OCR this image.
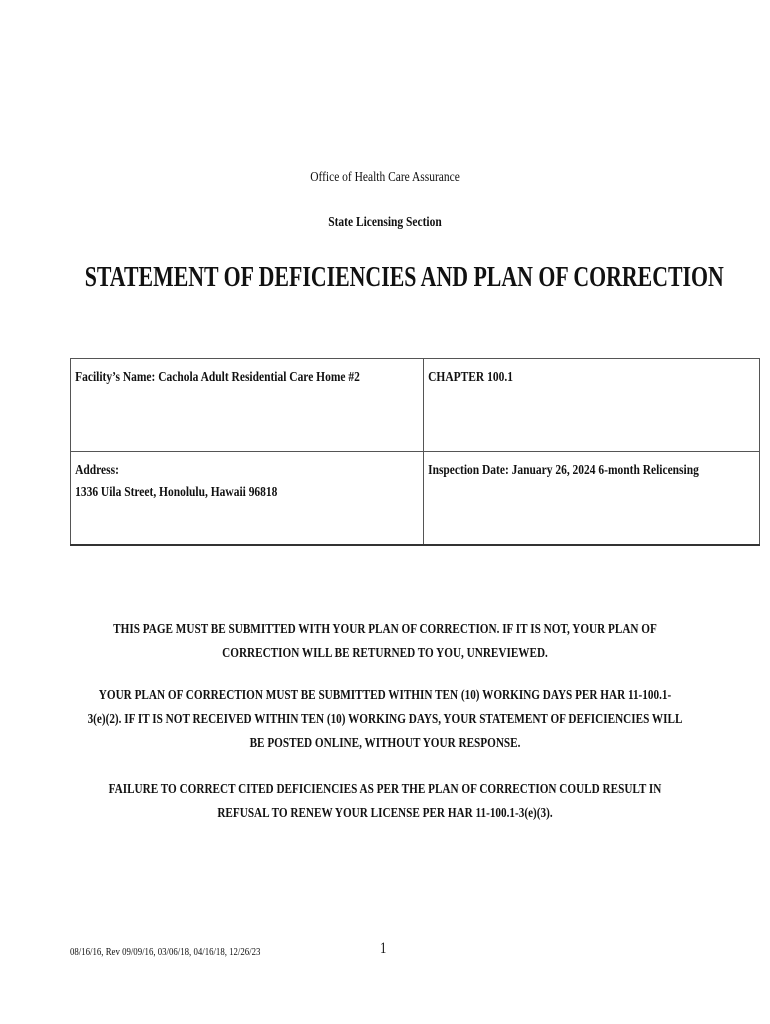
Office of Health Care Assurance
State Licensing Section
STATEMENT OF DEFICIENCIES AND PLAN OF CORRECTION
Facility’s Name: Cachola Adult Residential Care Home #2	CHAPTER 100.1

Address:
1336 Uila Street, Honolulu, Hawaii 96818	Inspection Date: January 26, 2024 6-month Relicensing
THIS PAGE MUST BE SUBMITTED WITH YOUR PLAN OF CORRECTION. IF IT IS NOT, YOUR PLAN OF
CORRECTION WILL BE RETURNED TO YOU, UNREVIEWED.
YOUR PLAN OF CORRECTION MUST BE SUBMITTED WITHIN TEN (10) WORKING DAYS PER HAR 11-100.1-
3(e)(2). IF IT IS NOT RECEIVED WITHIN TEN (10) WORKING DAYS, YOUR STATEMENT OF DEFICIENCIES WILL
BE POSTED ONLINE, WITHOUT YOUR RESPONSE.
FAILURE TO CORRECT CITED DEFICIENCIES AS PER THE PLAN OF CORRECTION COULD RESULT IN
REFUSAL TO RENEW YOUR LICENSE PER HAR 11-100.1-3(e)(3).
08/16/16, Rev 09/09/16, 03/06/18, 04/16/18, 12/26/23	1
